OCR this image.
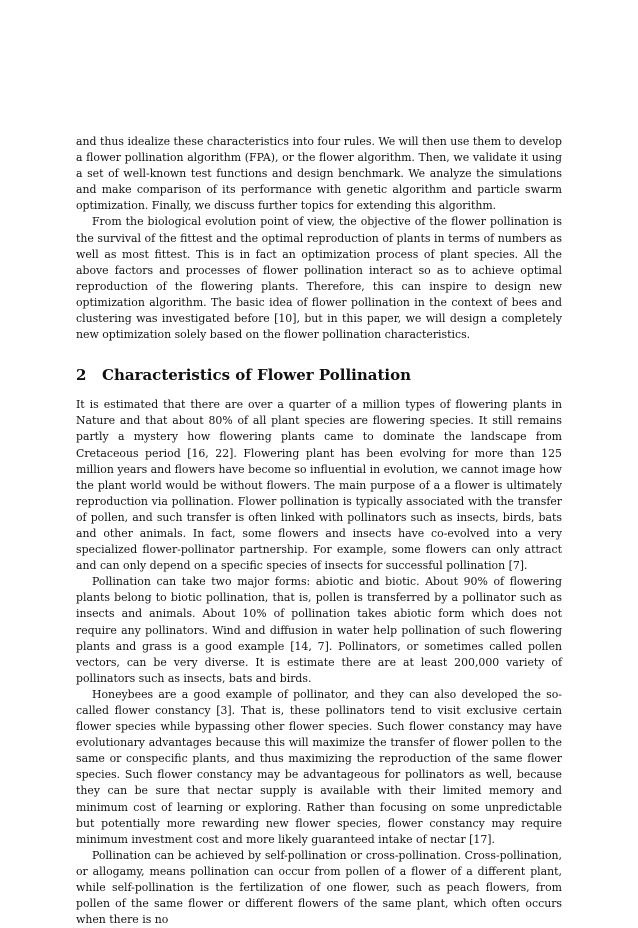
and thus idealize these characteristics into four rules. We will then use them to develop a flower pollination algorithm (FPA), or the flower algorithm. Then, we validate it using a set of well-known test functions and design benchmark. We analyze the simulations and make comparison of its performance with genetic algorithm and particle swarm optimization. Finally, we discuss further topics for extending this algorithm.

From the biological evolution point of view, the objective of the flower pollination is the survival of the fittest and the optimal reproduction of plants in terms of numbers as well as most fittest. This is in fact an optimization process of plant species. All the above factors and processes of flower pollination interact so as to achieve optimal reproduction of the flowering plants. Therefore, this can inspire to design new optimization algorithm. The basic idea of flower pollination in the context of bees and clustering was investigated before [10], but in this paper, we will design a completely new optimization solely based on the flower pollination characteristics.

2 Characteristics of Flower Pollination

It is estimated that there are over a quarter of a million types of flowering plants in Nature and that about 80% of all plant species are flowering species. It still remains partly a mystery how flowering plants came to dominate the landscape from Cretaceous period [16, 22]. Flowering plant has been evolving for more than 125 million years and flowers have become so influential in evolution, we cannot image how the plant world would be without flowers. The main purpose of a a flower is ultimately reproduction via pollination. Flower pollination is typically associated with the transfer of pollen, and such transfer is often linked with pollinators such as insects, birds, bats and other animals. In fact, some flowers and insects have co-evolved into a very specialized flower-pollinator partnership. For example, some flowers can only attract and can only depend on a specific species of insects for successful pollination [7].

Pollination can take two major forms: abiotic and biotic. About 90% of flowering plants belong to biotic pollination, that is, pollen is transferred by a pollinator such as insects and animals. About 10% of pollination takes abiotic form which does not require any pollinators. Wind and diffusion in water help pollination of such flowering plants and grass is a good example [14, 7]. Pollinators, or sometimes called pollen vectors, can be very diverse. It is estimate there are at least 200,000 variety of pollinators such as insects, bats and birds.

Honeybees are a good example of pollinator, and they can also developed the so-called flower constancy [3]. That is, these pollinators tend to visit exclusive certain flower species while bypassing other flower species. Such flower constancy may have evolutionary advantages because this will maximize the transfer of flower pollen to the same or conspecific plants, and thus maximizing the reproduction of the same flower species. Such flower constancy may be advantageous for pollinators as well, because they can be sure that nectar supply is available with their limited memory and minimum cost of learning or exploring. Rather than focusing on some unpredictable but potentially more rewarding new flower species, flower constancy may require minimum investment cost and more likely guaranteed intake of nectar [17].

Pollination can be achieved by self-pollination or cross-pollination. Cross-pollination, or allogamy, means pollination can occur from pollen of a flower of a different plant, while self-pollination is the fertilization of one flower, such as peach flowers, from pollen of the same flower or different flowers of the same plant, which often occurs when there is no
